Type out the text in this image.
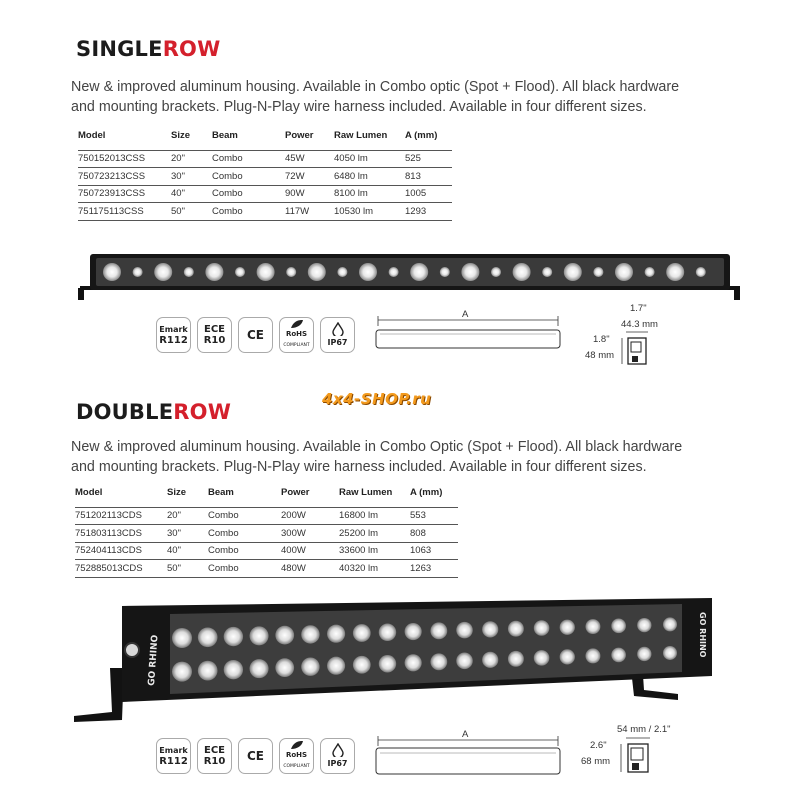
SINGLEROW
New & improved aluminum housing. Available in Combo optic (Spot + Flood). All black hardware
and mounting brackets. Plug-N-Play wire harness included. Available in four different sizes.
Model	Size	Beam	Power	Raw Lumen	A (mm)
750152013CSS	20"	Combo	45W	4050 lm	525
750723213CSS	30"	Combo	72W	6480 lm	813
750723913CSS	40"	Combo	90W	8100 lm	1005
751175113CSS	50"	Combo	117W	10530 lm	1293
Emark
R112
ECE
R10 CE	RoHS
COMPLIANT IP67
A
1.7"
44.3 mm
1.8"
48 mm
4x4-SHOP.ru
DOUBLEROW
New & improved aluminum housing. Available in Combo Optic (Spot + Flood). All black hardware
and mounting brackets. Plug-N-Play wire harness included. Available in four different sizes.
Model	Size	Beam	Power	Raw Lumen	A (mm)
751202113CDS	20"	Combo	200W	16800 lm	553
751803113CDS	30"	Combo	300W	25200 lm	808
752404113CDS	40"	Combo	400W	33600 lm	1063
752885013CDS	50"	Combo	480W	40320 lm	1263
GO RHINO	GO RHINO
Emark
R112
ECE
R10 CE	RoHS
COMPLIANT IP67
A	54 mm / 2.1"
2.6"
68 mm
